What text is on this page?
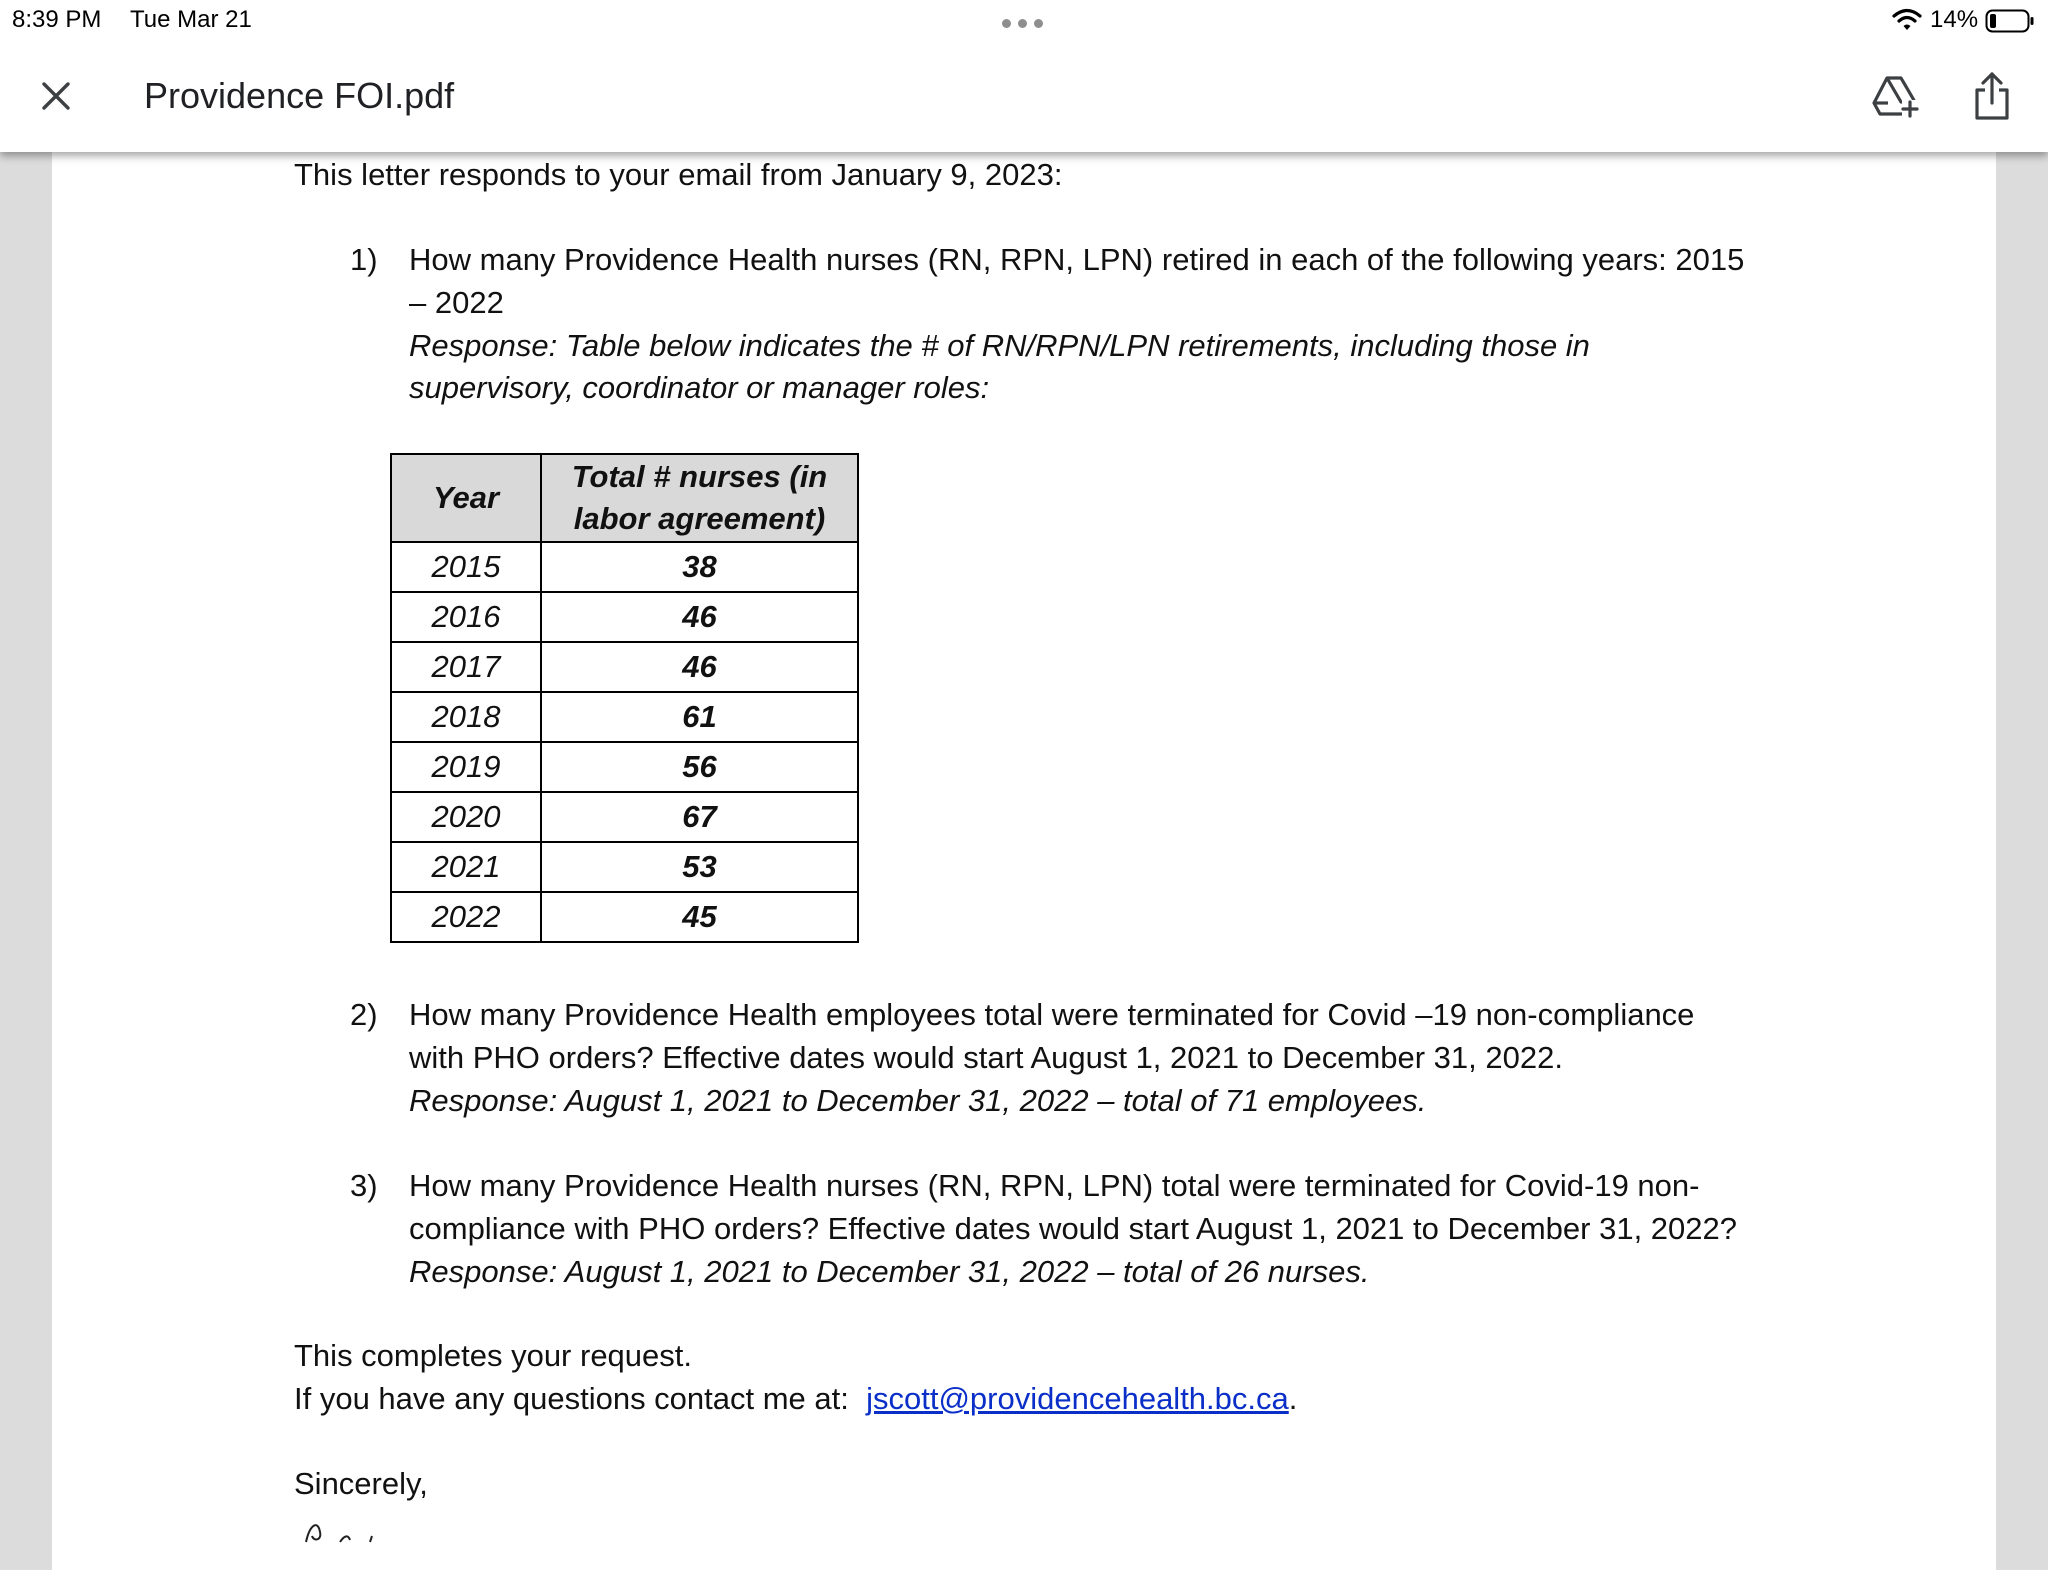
8:39 PM Tue Mar 21	14%
Providence FOI.pdf
This letter responds to your email from January 9, 2023:
1) How many Providence Health nurses (RN, RPN, LPN) retired in each of the following years: 2015
– 2022
Response: Table below indicates the # of RN/RPN/LPN retirements, including those in
supervisory, coordinator or manager roles:
Year	Total # nurses (in labor agreement)
2015	38
2016	46
2017	46
2018	61
2019	56
2020	67
2021	53
2022	45
2) How many Providence Health employees total were terminated for Covid –19 non-compliance
with PHO orders? Effective dates would start August 1, 2021 to December 31, 2022.
Response: August 1, 2021 to December 31, 2022 – total of 71 employees.
3) How many Providence Health nurses (RN, RPN, LPN) total were terminated for Covid-19 non-
compliance with PHO orders? Effective dates would start August 1, 2021 to December 31, 2022?
Response: August 1, 2021 to December 31, 2022 – total of 26 nurses.
This completes your request.
If you have any questions contact me at:  jscott@providencehealth.bc.ca.
Sincerely,
